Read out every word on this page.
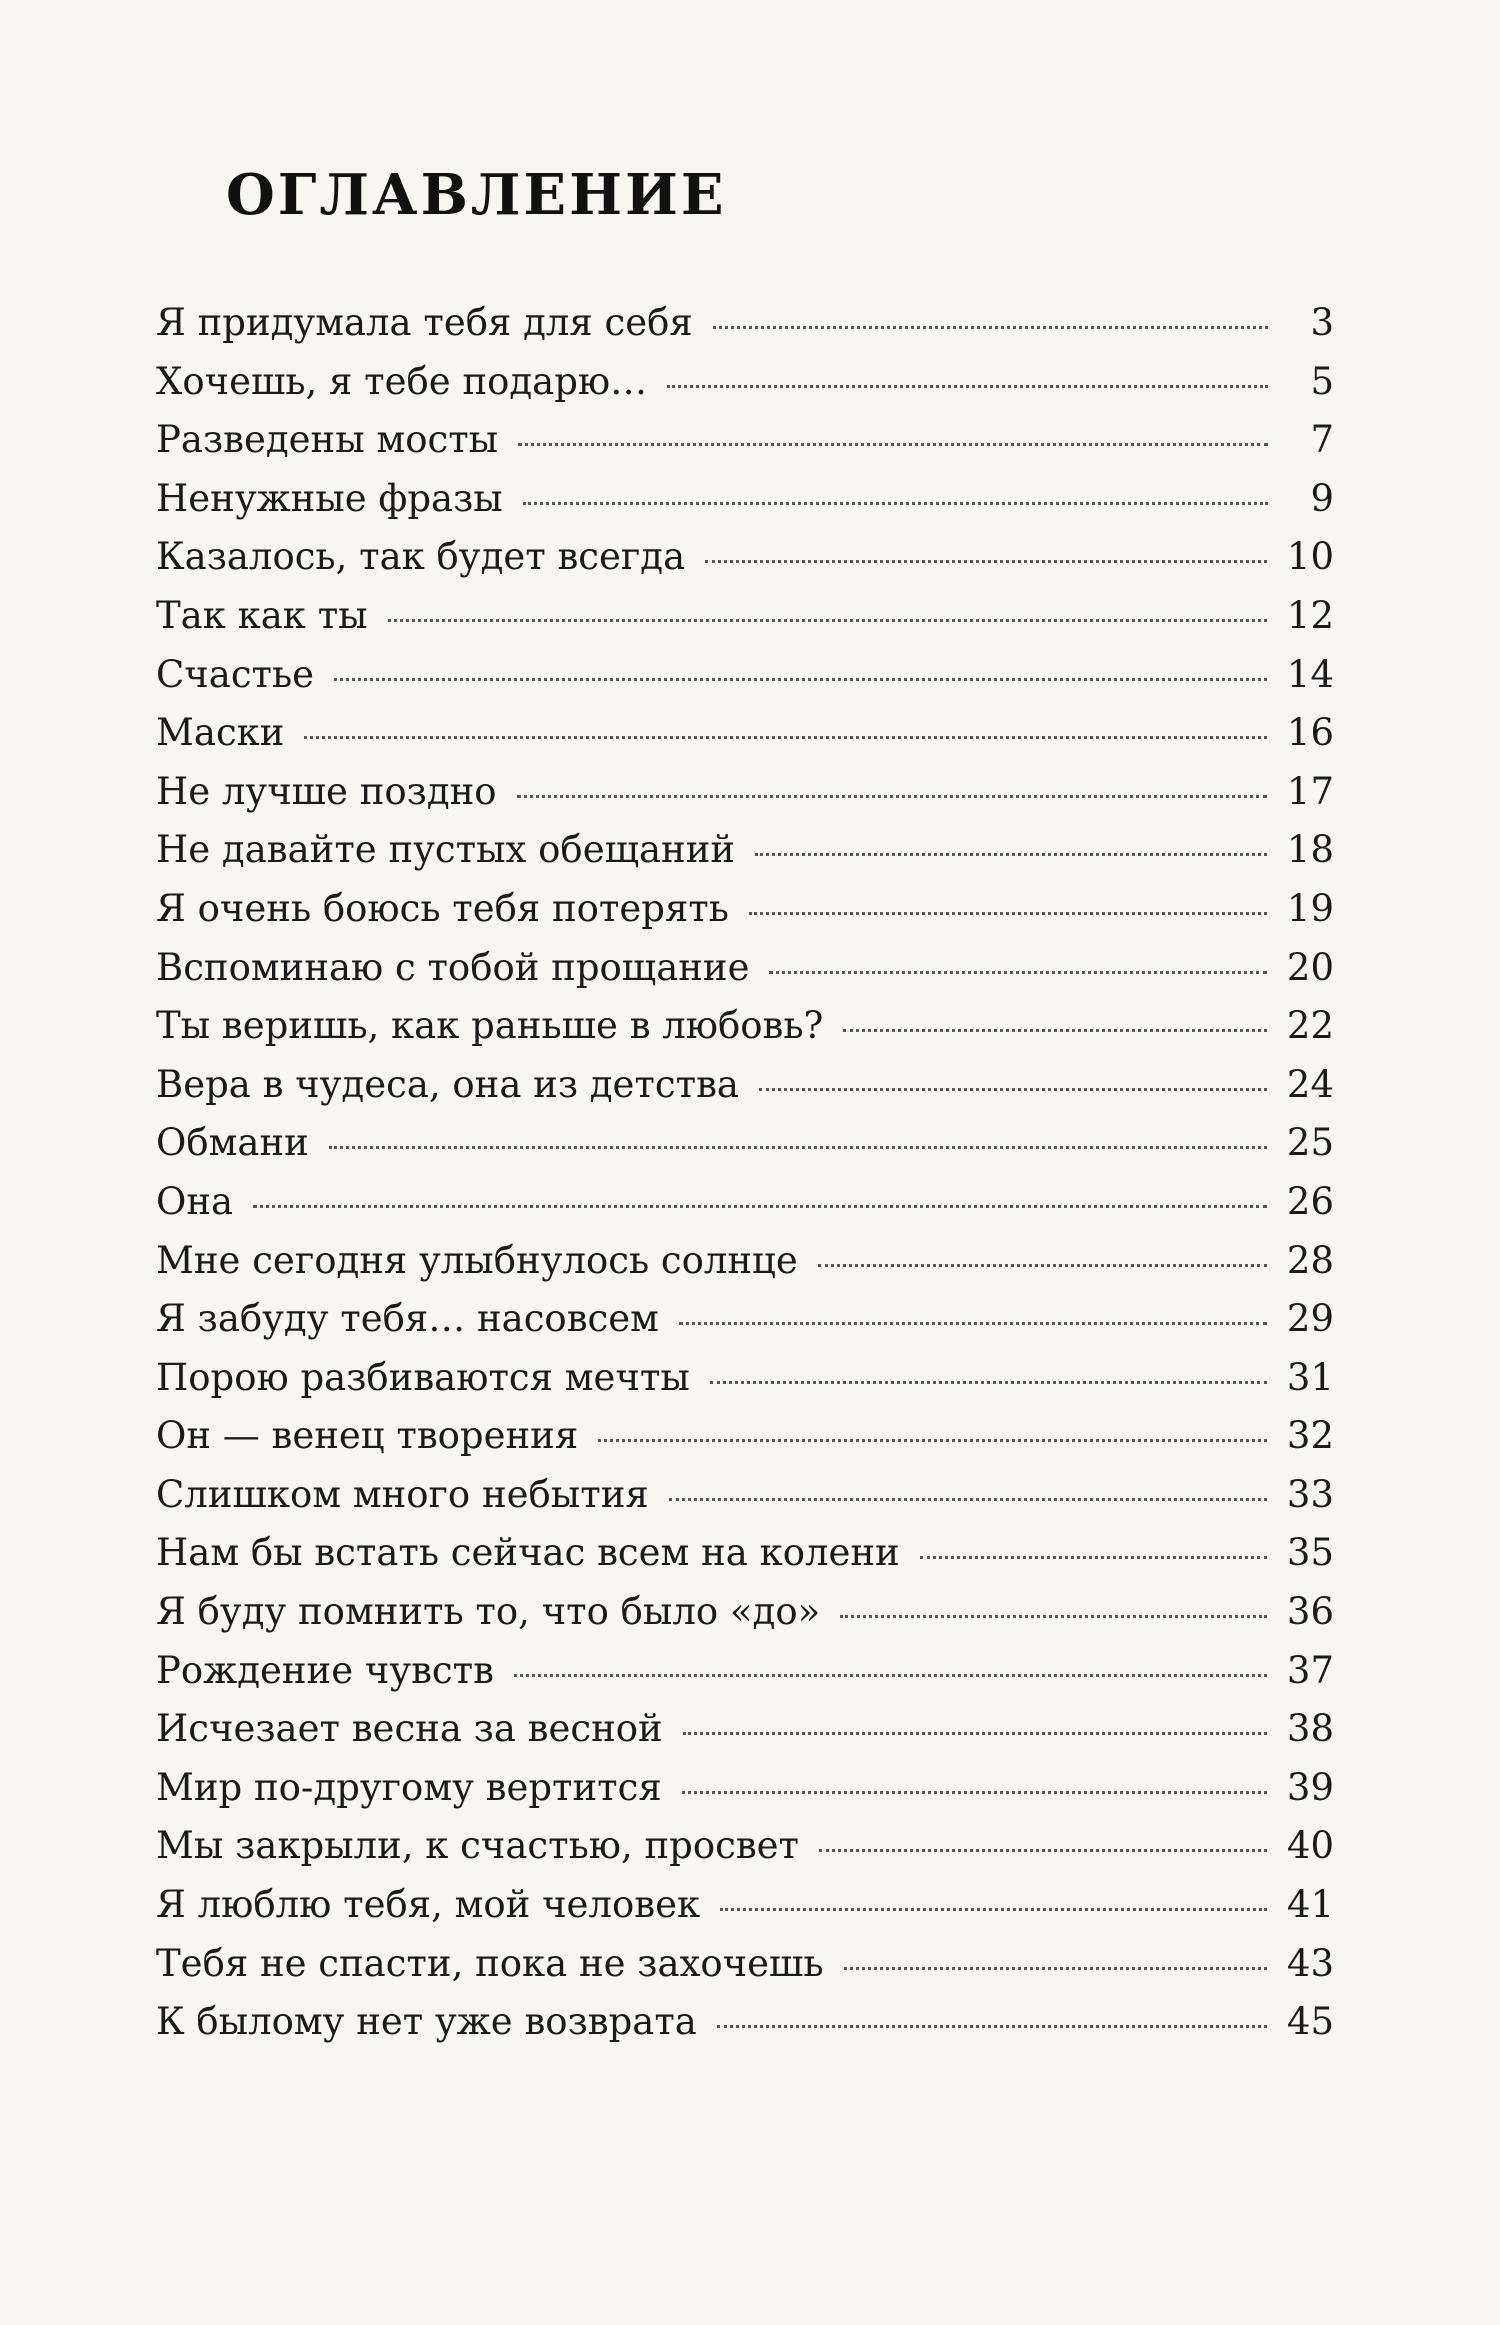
ОГЛАВЛЕНИЕ
Я придумала тебя для себя	3
Хочешь, я тебе подарю…	5
Разведены мосты	7
Ненужные фразы	9
Казалось, так будет всегда	10
Так как ты	12
Счастье	14
Маски	16
Не лучше поздно	17
Не давайте пустых обещаний	18
Я очень боюсь тебя потерять	19
Вспоминаю с тобой прощание	20
Ты веришь, как раньше в любовь?	22
Вера в чудеса, она из детства	24
Обмани	25
Она	26
Мне сегодня улыбнулось солнце	28
Я забуду тебя… насовсем	29
Порою разбиваются мечты	31
Он — венец творения	32
Слишком много небытия	33
Нам бы встать сейчас всем на колени	35
Я буду помнить то, что было «до»	36
Рождение чувств	37
Исчезает весна за весной	38
Мир по-другому вертится	39
Мы закрыли, к счастью, просвет	40
Я люблю тебя, мой человек	41
Тебя не спасти, пока не захочешь	43
К былому нет уже возврата	45
